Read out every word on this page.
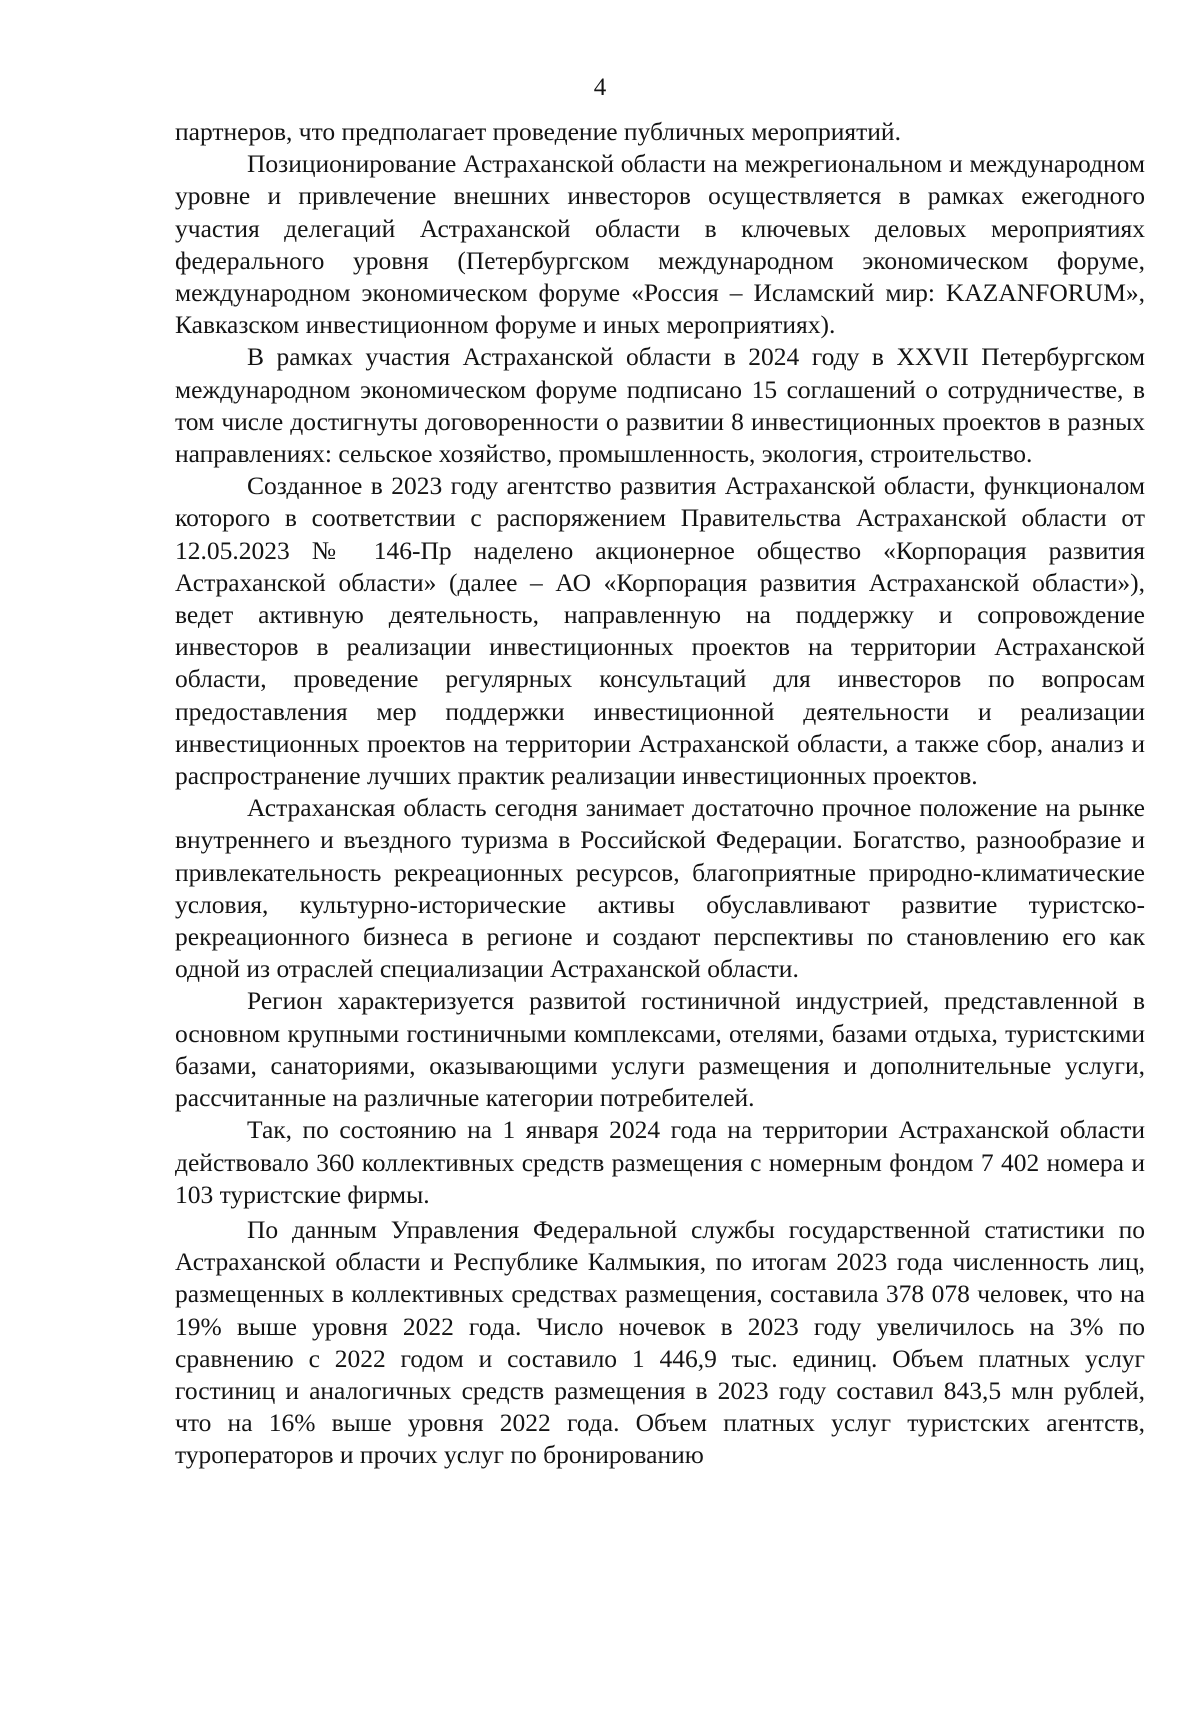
4

партнеров, что предполагает проведение публичных мероприятий.

Позиционирование Астраханской области на межрегиональном и международном уровне и привлечение внешних инвесторов осуществляется в рамках ежегодного участия делегаций Астраханской области в ключевых деловых мероприятиях федерального уровня (Петербургском международном экономическом форуме, международном экономическом форуме «Россия – Исламский мир: KAZANFORUM», Кавказском инвестиционном форуме и иных мероприятиях).

В рамках участия Астраханской области в 2024 году в XXVII Петербургском международном экономическом форуме подписано 15 соглашений о сотрудничестве, в том числе достигнуты договоренности о развитии 8 инвестиционных проектов в разных направлениях: сельское хозяйство, промышленность, экология, строительство.

Созданное в 2023 году агентство развития Астраханской области, функционалом которого в соответствии с распоряжением Правительства Астраханской области от 12.05.2023 № 146-Пр наделено акционерное общество «Корпорация развития Астраханской области» (далее – АО «Корпорация развития Астраханской области»), ведет активную деятельность, направленную на поддержку и сопровождение инвесторов в реализации инвестиционных проектов на территории Астраханской области, проведение регулярных консультаций для инвесторов по вопросам предоставления мер поддержки инвестиционной деятельности и реализации инвестиционных проектов на территории Астраханской области, а также сбор, анализ и распространение лучших практик реализации инвестиционных проектов.

Астраханская область сегодня занимает достаточно прочное положение на рынке внутреннего и въездного туризма в Российской Федерации. Богатство, разнообразие и привлекательность рекреационных ресурсов, благоприятные природно-климатические условия, культурно-исторические активы обуславливают развитие туристско-рекреационного бизнеса в регионе и создают перспективы по становлению его как одной из отраслей специализации Астраханской области.

Регион характеризуется развитой гостиничной индустрией, представленной в основном крупными гостиничными комплексами, отелями, базами отдыха, туристскими базами, санаториями, оказывающими услуги размещения и дополнительные услуги, рассчитанные на различные категории потребителей.

Так, по состоянию на 1 января 2024 года на территории Астраханской области действовало 360 коллективных средств размещения с номерным фондом 7 402 номера и 103 туристские фирмы.

По данным Управления Федеральной службы государственной статистики по Астраханской области и Республике Калмыкия, по итогам 2023 года численность лиц, размещенных в коллективных средствах размещения, составила 378 078 человек, что на 19% выше уровня 2022 года. Число ночевок в 2023 году увеличилось на 3% по сравнению с 2022 годом и составило 1 446,9 тыс. единиц. Объем платных услуг гостиниц и аналогичных средств размещения в 2023 году составил 843,5 млн рублей, что на 16% выше уровня 2022 года. Объем платных услуг туристских агентств, туроператоров и прочих услуг по бронированию
